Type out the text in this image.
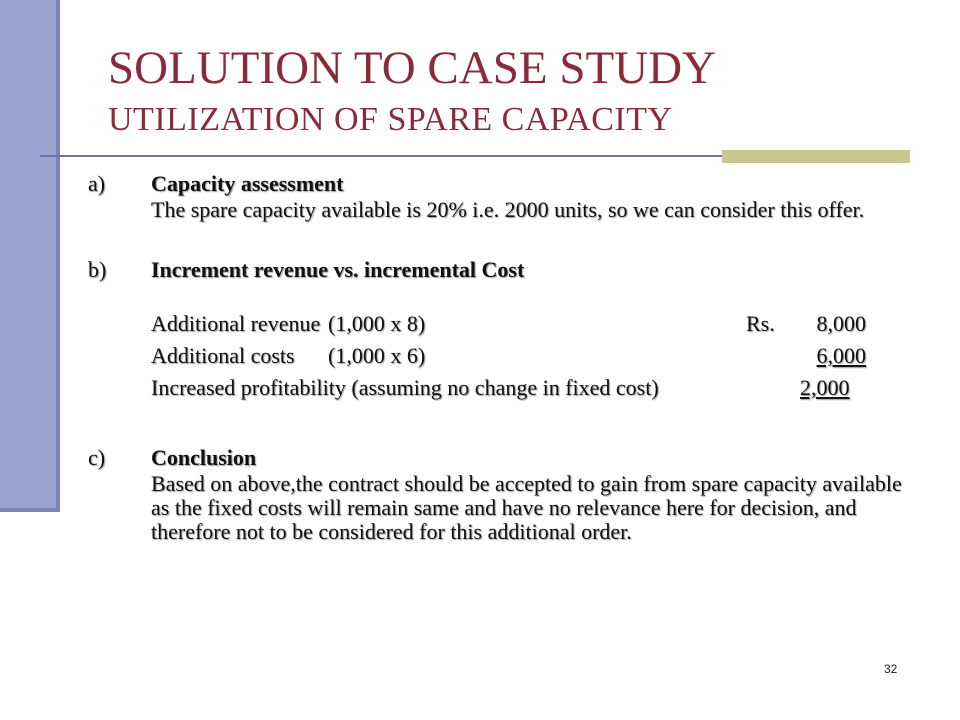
SOLUTION TO CASE STUDY
UTILIZATION OF SPARE CAPACITY
a)	Capacity assessment
The spare capacity available is 20% i.e. 2000 units, so we can consider this offer.
b)	Increment revenue vs. incremental Cost
Additional revenue (1,000 x 8)	Rs.	8,000
Additional costs (1,000 x 6)	6,000
Increased profitability (assuming no change in fixed cost)	2,000
c)	Conclusion
Based on above,the contract should be accepted to gain from spare capacity available as the fixed costs will remain same and have no relevance here for decision, and therefore not to be considered for this additional order.
32
